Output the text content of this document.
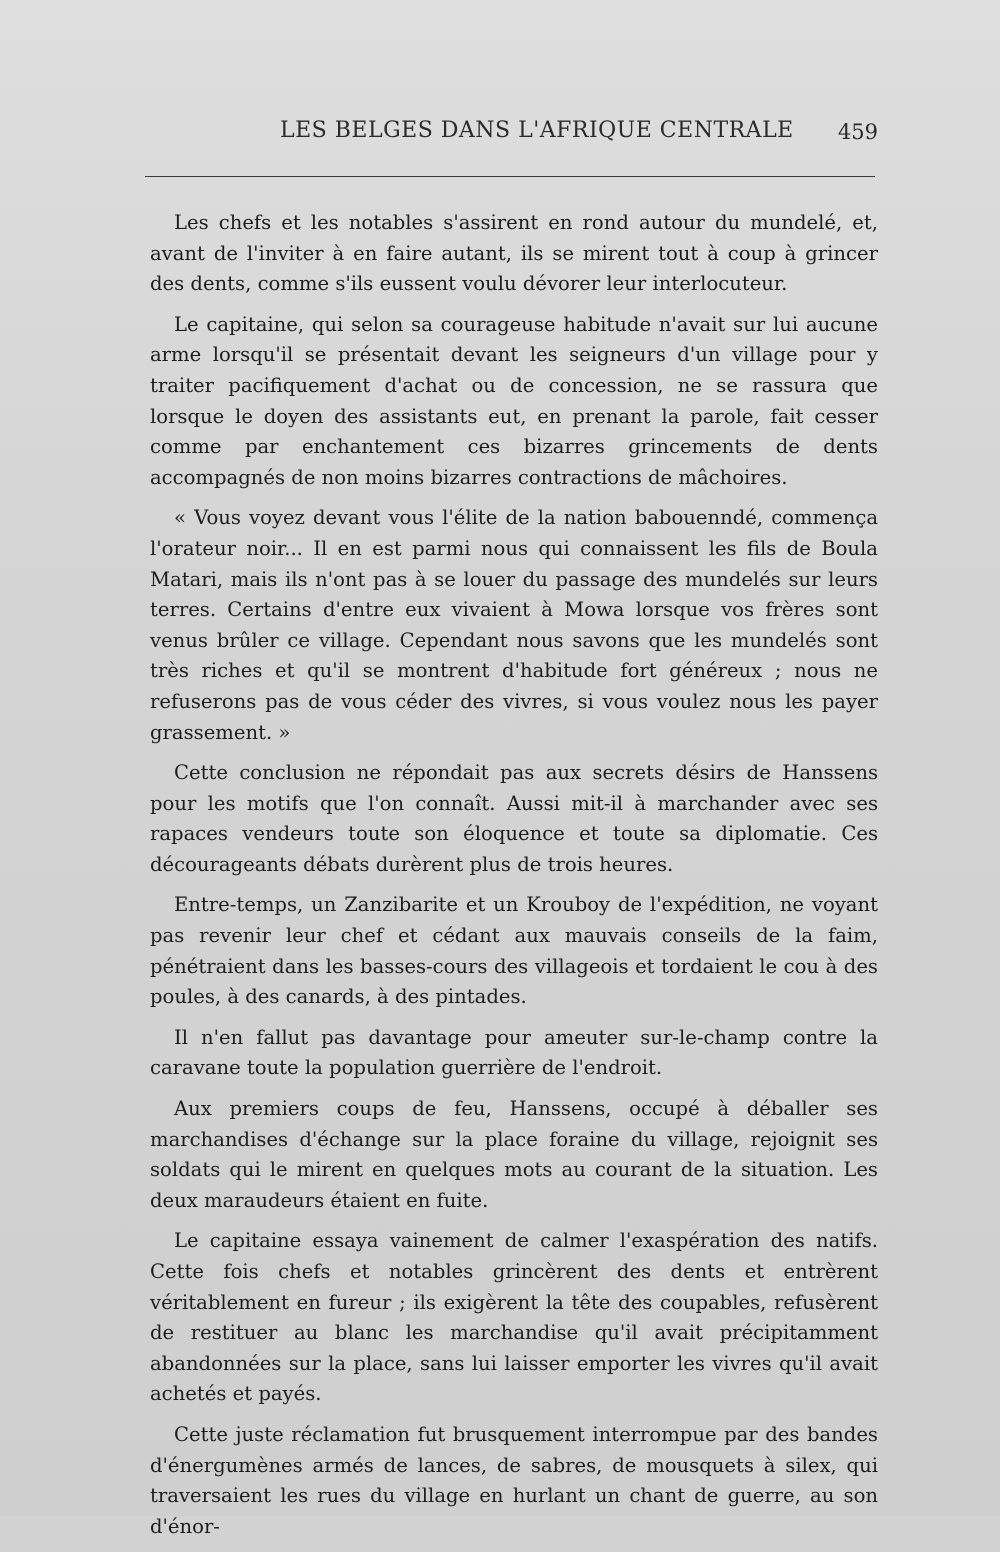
LES BELGES DANS L'AFRIQUE CENTRALE 459

Les chefs et les notables s'assirent en rond autour du mundelé, et, avant de l'inviter à en faire autant, ils se mirent tout à coup à grincer des dents, comme s'ils eussent voulu dévorer leur interlocuteur.

Le capitaine, qui selon sa courageuse habitude n'avait sur lui aucune arme lorsqu'il se présentait devant les seigneurs d'un village pour y traiter pacifiquement d'achat ou de concession, ne se rassura que lorsque le doyen des assistants eut, en prenant la parole, fait cesser comme par enchantement ces bizarres grincements de dents accompagnés de non moins bizarres contractions de mâchoires.

« Vous voyez devant vous l'élite de la nation babouenndé, commença l'orateur noir... Il en est parmi nous qui connaissent les fils de Boula Matari, mais ils n'ont pas à se louer du passage des mundelés sur leurs terres. Certains d'entre eux vivaient à Mowa lorsque vos frères sont venus brûler ce village. Cependant nous savons que les mundelés sont très riches et qu'il se montrent d'habitude fort généreux ; nous ne refuserons pas de vous céder des vivres, si vous voulez nous les payer grassement. »

Cette conclusion ne répondait pas aux secrets désirs de Hanssens pour les motifs que l'on connaît. Aussi mit-il à marchander avec ses rapaces vendeurs toute son éloquence et toute sa diplomatie. Ces décourageants débats durèrent plus de trois heures.

Entre-temps, un Zanzibarite et un Krouboy de l'expédition, ne voyant pas revenir leur chef et cédant aux mauvais conseils de la faim, pénétraient dans les basses-cours des villageois et tordaient le cou à des poules, à des canards, à des pintades.

Il n'en fallut pas davantage pour ameuter sur-le-champ contre la caravane toute la population guerrière de l'endroit.

Aux premiers coups de feu, Hanssens, occupé à déballer ses marchandises d'échange sur la place foraine du village, rejoignit ses soldats qui le mirent en quelques mots au courant de la situation. Les deux maraudeurs étaient en fuite.

Le capitaine essaya vainement de calmer l'exaspération des natifs. Cette fois chefs et notables grincèrent des dents et entrèrent véritablement en fureur ; ils exigèrent la tête des coupables, refusèrent de restituer au blanc les marchandise qu'il avait précipitamment abandonnées sur la place, sans lui laisser emporter les vivres qu'il avait achetés et payés.

Cette juste réclamation fut brusquement interrompue par des bandes d'énergumènes armés de lances, de sabres, de mousquets à silex, qui traversaient les rues du village en hurlant un chant de guerre, au son d'énor-
